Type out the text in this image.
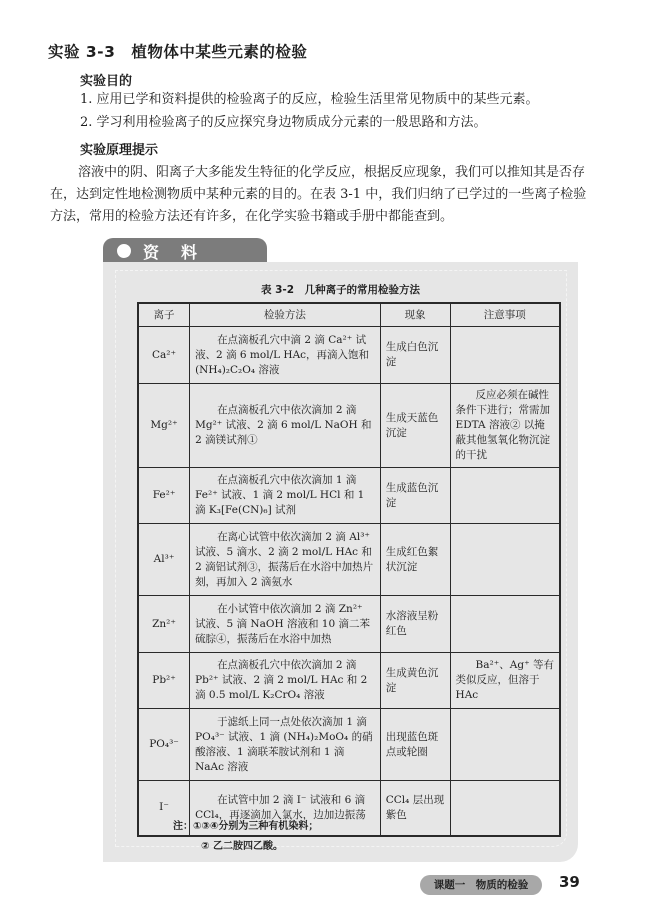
实验 3-3 植物体中某些元素的检验
实验目的
1. 应用已学和资料提供的检验离子的反应，检验生活里常见物质中的某些元素。
2. 学习利用检验离子的反应探究身边物质成分元素的一般思路和方法。
实验原理提示
溶液中的阴、阳离子大多能发生特征的化学反应，根据反应现象，我们可以推知其是否存在，达到定性地检测物质中某种元素的目的。在表 3-1 中，我们归纳了已学过的一些离子检验方法，常用的检验方法还有许多，在化学实验书籍或手册中都能查到。
资料
表 3-2　几种离子的常用检验方法
离子	检验方法	现象	注意事项
Ca²⁺	在点滴板孔穴中滴 2 滴 Ca²⁺ 试液、2 滴 6 mol/L HAc，再滴入饱和 (NH₄)₂C₂O₄ 溶液	生成白色沉淀	
Mg²⁺	在点滴板孔穴中依次滴加 2 滴 Mg²⁺ 试液、2 滴 6 mol/L NaOH 和 2 滴镁试剂①	生成天蓝色沉淀	反应必须在碱性条件下进行；常需加 EDTA 溶液② 以掩蔽其他氢氧化物沉淀的干扰
Fe²⁺	在点滴板孔穴中依次滴加 1 滴 Fe²⁺ 试液、1 滴 2 mol/L HCl 和 1 滴 K₃[Fe(CN)₆] 试剂	生成蓝色沉淀	
Al³⁺	在离心试管中依次滴加 2 滴 Al³⁺ 试液、5 滴水、2 滴 2 mol/L HAc 和 2 滴铝试剂③，振荡后在水浴中加热片刻，再加入 2 滴氨水	生成红色絮状沉淀	
Zn²⁺	在小试管中依次滴加 2 滴 Zn²⁺ 试液、5 滴 NaOH 溶液和 10 滴二苯硫腙④，振荡后在水浴中加热	水溶液呈粉红色	
Pb²⁺	在点滴板孔穴中依次滴加 2 滴 Pb²⁺ 试液、2 滴 2 mol/L HAc 和 2 滴 0.5 mol/L K₂CrO₄ 溶液	生成黄色沉淀	Ba²⁺、Ag⁺ 等有类似反应，但溶于 HAc
PO₄³⁻	于滤纸上同一点处依次滴加 1 滴 PO₄³⁻ 试液、1 滴 (NH₄)₂MoO₄ 的硝酸溶液、1 滴联苯胺试剂和 1 滴 NaAc 溶液	出现蓝色斑点或轮圈	
I⁻	在试管中加 2 滴 I⁻ 试液和 6 滴 CCl₄，再逐滴加入氯水，边加边振荡	CCl₄ 层出现紫色	
注：①③④分别为三种有机染料；
② 乙二胺四乙酸。
课题一　物质的检验	39
